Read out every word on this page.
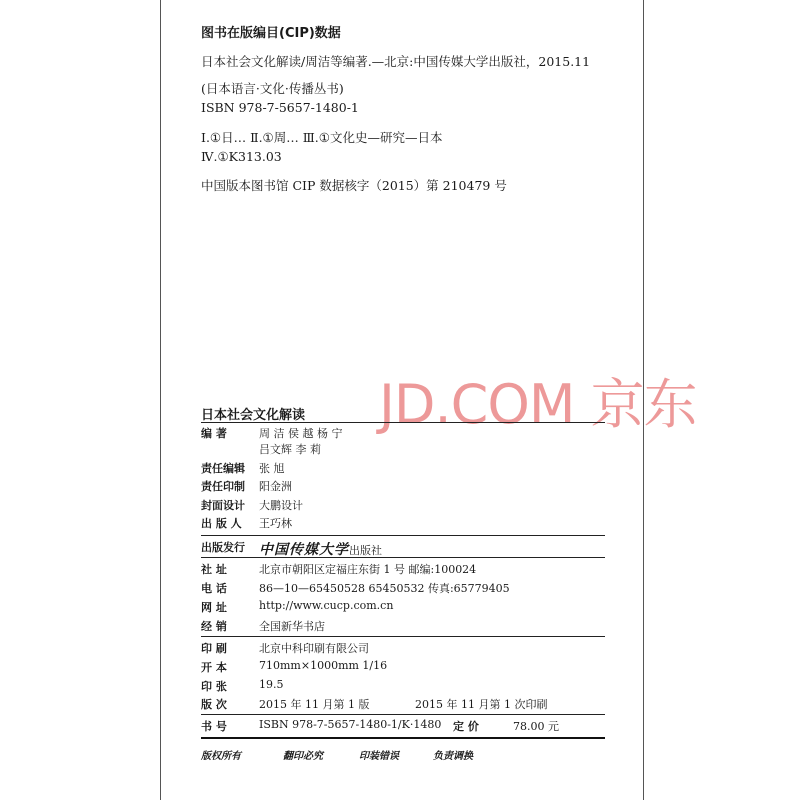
图书在版编目(CIP)数据
日本社会文化解读/周洁等编著.—北京:中国传媒大学出版社，2015.11
(日本语言·文化·传播丛书)
ISBN 978-7-5657-1480-1
Ⅰ.①日… Ⅱ.①周… Ⅲ.①文化史—研究—日本
Ⅳ.①K313.03
中国版本图书馆 CIP 数据核字（2015）第 210479 号
JD.COM 京东
日本社会文化解读
编 著	周 洁 侯 越 杨 宁
吕文辉 李 莉
责任编辑 张 旭
责任印制 阳金洲
封面设计 大鹏设计
出 版 人	王巧林
出版发行 中国传媒大学出版社
社 址	北京市朝阳区定福庄东街 1 号 邮编:100024
电 话	86—10—65450528 65450532 传真:65779405
网 址	http://www.cucp.com.cn
经 销	全国新华书店
印 刷	北京中科印刷有限公司
开 本	710mm×1000mm 1/16
印 张	19.5
版 次	2015 年 11 月第 1 版	2015 年 11 月第 1 次印刷
书 号	ISBN 978-7-5657-1480-1/K·1480 定 价	78.00 元
版权所有	翻印必究	印装错误	负责调换
